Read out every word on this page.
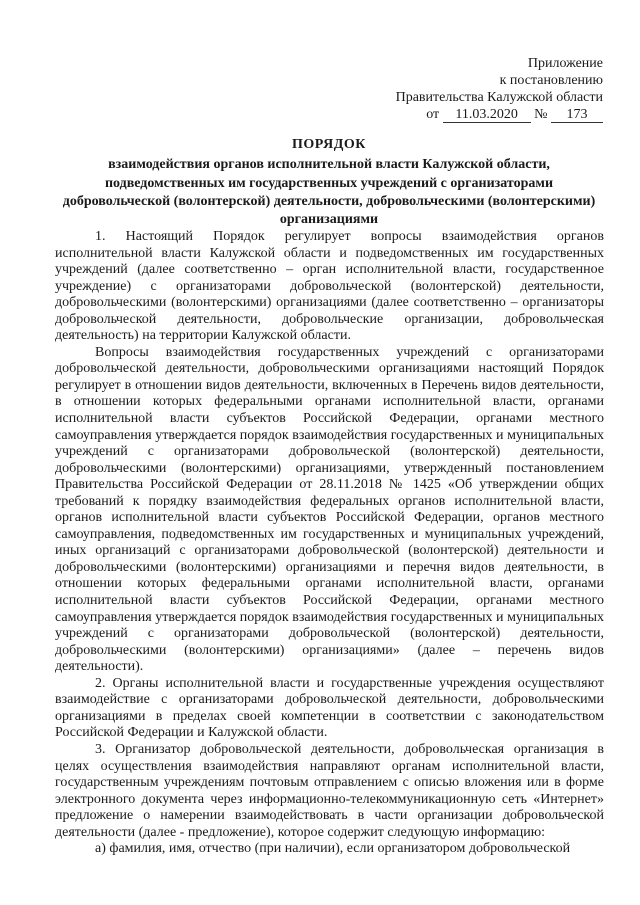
Приложение
к постановлению
Правительства Калужской области
от 11.03.2020 № 173
ПОРЯДОК
взаимодействия органов исполнительной власти Калужской области,
подведомственных им государственных учреждений с организаторами
добровольческой (волонтерской) деятельности, добровольческими (волонтерскими)
организациями

1. Настоящий Порядок регулирует вопросы взаимодействия органов исполнительной власти Калужской области и подведомственных им государственных учреждений (далее соответственно – орган исполнительной власти, государственное учреждение) с организаторами добровольческой (волонтерской) деятельности, добровольческими (волонтерскими) организациями (далее соответственно – организаторы добровольческой деятельности, добровольческие организации, добровольческая деятельность) на территории Калужской области.

Вопросы взаимодействия государственных учреждений с организаторами добровольческой деятельности, добровольческими организациями настоящий Порядок регулирует в отношении видов деятельности, включенных в Перечень видов деятельности, в отношении которых федеральными органами исполнительной власти, органами исполнительной власти субъектов Российской Федерации, органами местного самоуправления утверждается порядок взаимодействия государственных и муниципальных учреждений с организаторами добровольческой (волонтерской) деятельности, добровольческими (волонтерскими) организациями, утвержденный постановлением Правительства Российской Федерации от 28.11.2018 № 1425 «Об утверждении общих требований к порядку взаимодействия федеральных органов исполнительной власти, органов исполнительной власти субъектов Российской Федерации, органов местного самоуправления, подведомственных им государственных и муниципальных учреждений, иных организаций с организаторами добровольческой (волонтерской) деятельности и добровольческими (волонтерскими) организациями и перечня видов деятельности, в отношении которых федеральными органами исполнительной власти, органами исполнительной власти субъектов Российской Федерации, органами местного самоуправления утверждается порядок взаимодействия государственных и муниципальных учреждений с организаторами добровольческой (волонтерской) деятельности, добровольческими (волонтерскими) организациями» (далее – перечень видов деятельности).

2. Органы исполнительной власти и государственные учреждения осуществляют взаимодействие с организаторами добровольческой деятельности, добровольческими организациями в пределах своей компетенции в соответствии с законодательством Российской Федерации и Калужской области.

3. Организатор добровольческой деятельности, добровольческая организация в целях осуществления взаимодействия направляют органам исполнительной власти, государственным учреждениям почтовым отправлением с описью вложения или в форме электронного документа через информационно-телекоммуникационную сеть «Интернет» предложение о намерении взаимодействовать в части организации добровольческой деятельности (далее - предложение), которое содержит следующую информацию:

а) фамилия, имя, отчество (при наличии), если организатором добровольческой
